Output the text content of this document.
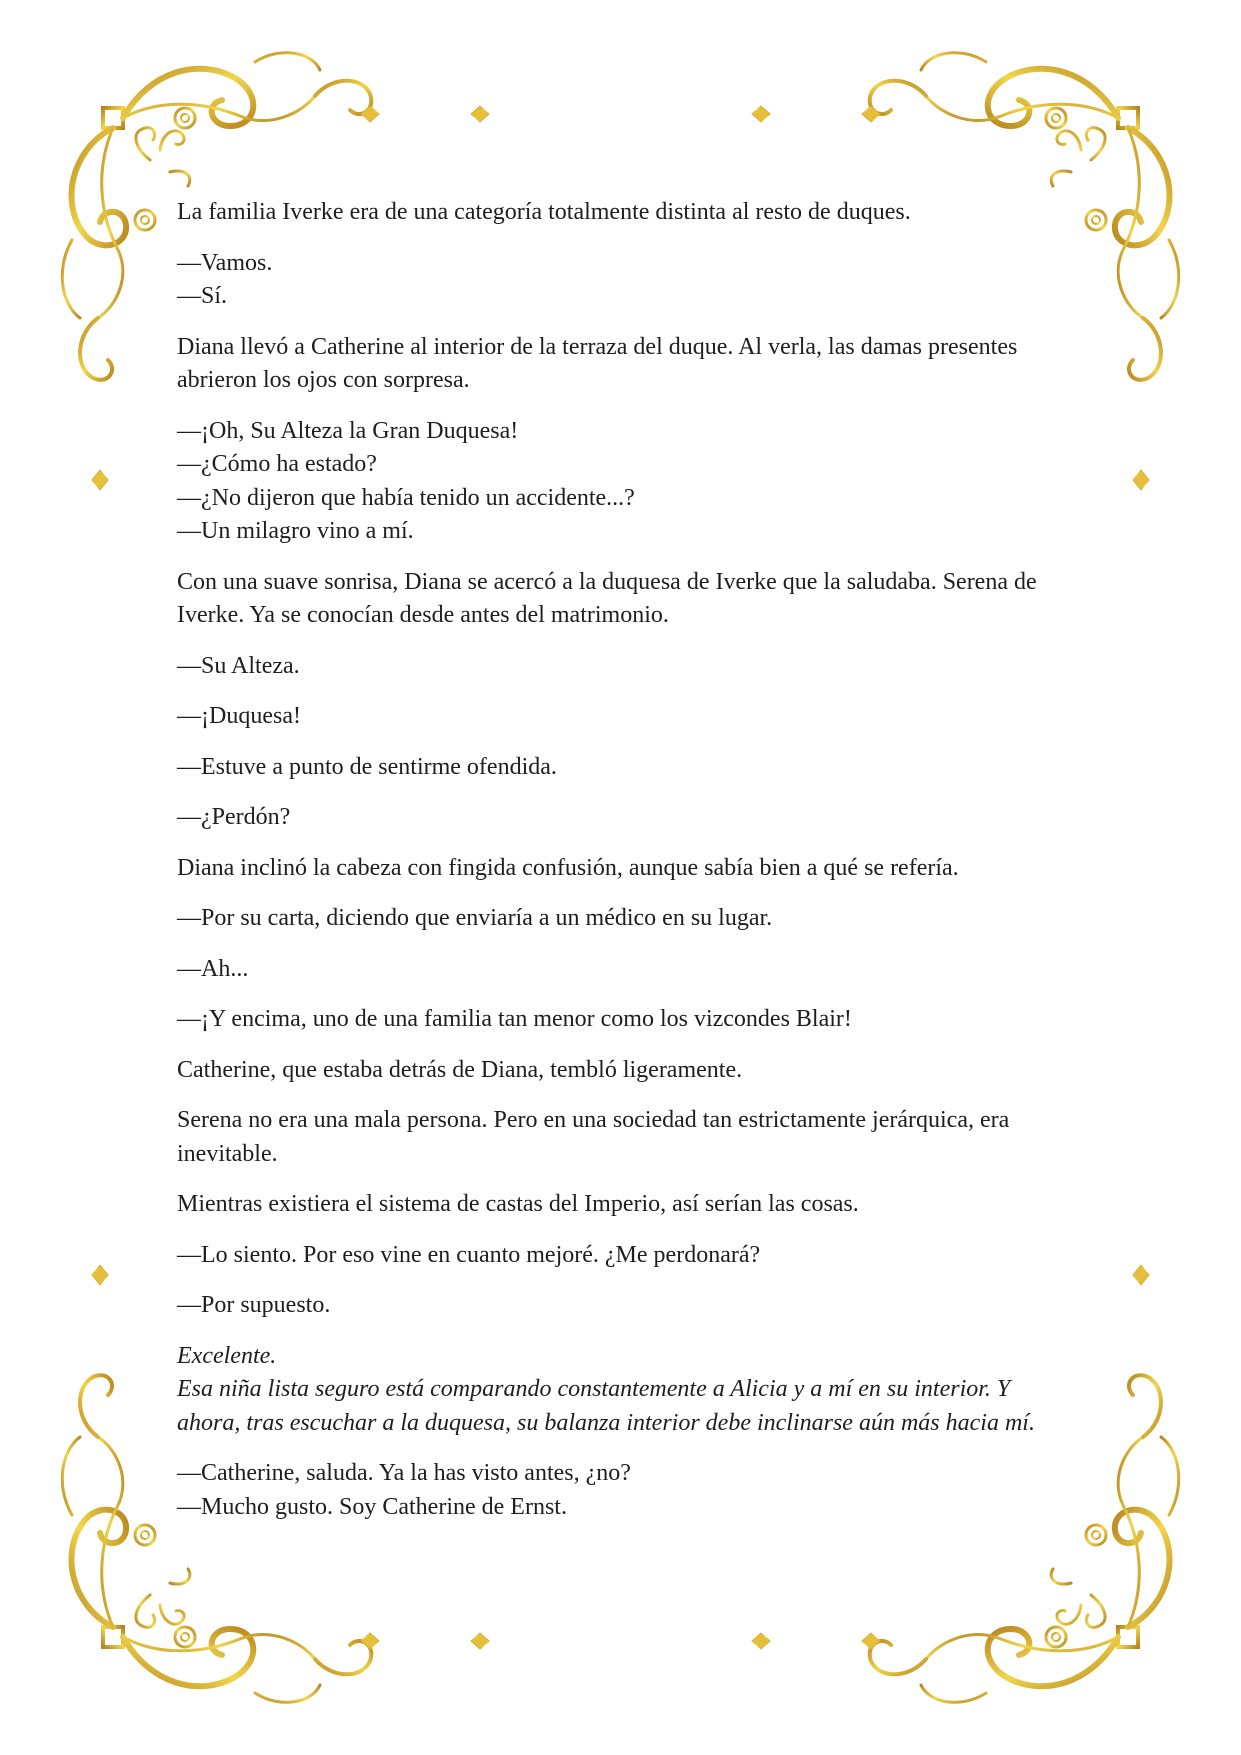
La familia Iverke era de una categoría totalmente distinta al resto de duques.

—Vamos.
—Sí.

Diana llevó a Catherine al interior de la terraza del duque. Al verla, las damas presentes abrieron los ojos con sorpresa.

—¡Oh, Su Alteza la Gran Duquesa!
—¿Cómo ha estado?
—¿No dijeron que había tenido un accidente...?
—Un milagro vino a mí.

Con una suave sonrisa, Diana se acercó a la duquesa de Iverke que la saludaba. Serena de Iverke. Ya se conocían desde antes del matrimonio.

—Su Alteza.

—¡Duquesa!

—Estuve a punto de sentirme ofendida.

—¿Perdón?

Diana inclinó la cabeza con fingida confusión, aunque sabía bien a qué se refería.

—Por su carta, diciendo que enviaría a un médico en su lugar.

—Ah...

—¡Y encima, uno de una familia tan menor como los vizcondes Blair!

Catherine, que estaba detrás de Diana, tembló ligeramente.

Serena no era una mala persona. Pero en una sociedad tan estrictamente jerárquica, era inevitable.

Mientras existiera el sistema de castas del Imperio, así serían las cosas.

—Lo siento. Por eso vine en cuanto mejoré. ¿Me perdonará?

—Por supuesto.

Excelente.
Esa niña lista seguro está comparando constantemente a Alicia y a mí en su interior. Y ahora, tras escuchar a la duquesa, su balanza interior debe inclinarse aún más hacia mí.

—Catherine, saluda. Ya la has visto antes, ¿no?
—Mucho gusto. Soy Catherine de Ernst.
